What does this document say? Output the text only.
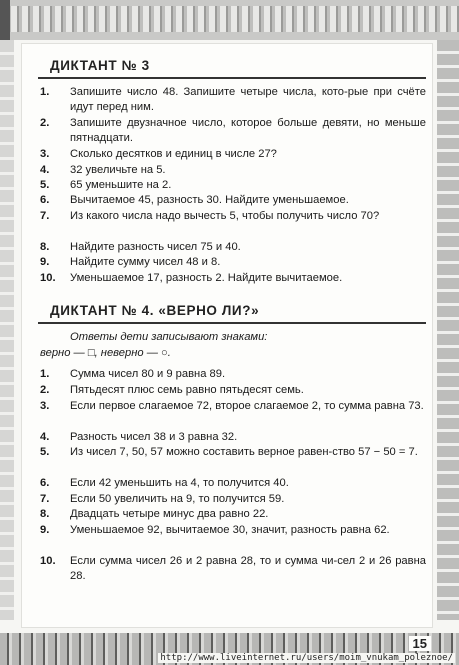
ДИКТАНТ № 3
1.	Запишите число 48. Запишите четыре числа, кото-рые при счёте идут перед ним.
2.	Запишите двузначное число, которое больше девяти, но меньше пятнадцати.
3.	Сколько десятков и единиц в числе 27?
4.	32 увеличьте на 5.
5.	65 уменьшите на 2.
6.	Вычитаемое 45, разность 30. Найдите уменьшаемое.
7.	Из какого числа надо вычесть 5, чтобы получить число 70?
8.	Найдите разность чисел 75 и 40.
9.	Найдите сумму чисел 48 и 8.
10.	Уменьшаемое 17, разность 2. Найдите вычитаемое.
ДИКТАНТ № 4. «ВЕРНО ЛИ?»
Ответы дети записывают знаками:
верно — □, неверно — ○.
1.	Сумма чисел 80 и 9 равна 89.
2.	Пятьдесят плюс семь равно пятьдесят семь.
3.	Если первое слагаемое 72, второе слагаемое 2, то сумма равна 73.
4.	Разность чисел 38 и 3 равна 32.
5.	Из чисел 7, 50, 57 можно составить верное равен-ство 57 − 50 = 7.
6.	Если 42 уменьшить на 4, то получится 40.
7.	Если 50 увеличить на 9, то получится 59.
8.	Двадцать четыре минус два равно 22.
9.	Уменьшаемое 92, вычитаемое 30, значит, разность равна 62.
10.	Если сумма чисел 26 и 2 равна 28, то и сумма чи-сел 2 и 26 равна 28.
15
http://www.liveinternet.ru/users/moim_vnukam_poleznoe/
